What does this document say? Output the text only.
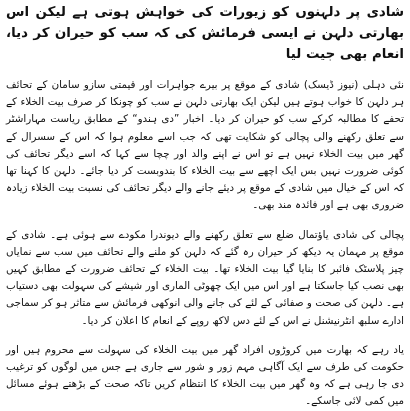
شادی پر دلہنوں کو زیورات کی خواہش ہوتی ہے لیکن اس بھارتی دلہن نے ایسی فرمائش کی کہ سب کو حیران کر دیا، انعام بھی جیت لیا

نئی دہلی (نیوز ڈیسک) شادی کے موقع پر بیرے جواہرات اور قیمتی سازو سامان کے تحائف ہر دلہن کا خواب ہوتے ہیں لیکن ایک بھارتی دلہن نے سب کو چونکا کر صرف بیت الخلاء کے تحفے کا مطالبہ کرکے سب کو حیران کر دیا۔ اخبار ”دی ہندو“ کے مطابق ریاست مہاراشٹر سے تعلق رکھنے والی پچالی کو شکایت تھی کہ جب اسے معلوم ہوا کہ اس کے سسرال کے گھر میں بیت الخلاء نہیں ہے تو اس نے اپنے والد اور چچا سے کہا کہ اسے دیگر تحائف کی کوئی ضرورت نہیں بس ایک اچھے سے بیت الخلاء کا بندوبست کر دیا جائے۔ دلہن کا کہنا تھا کہ اس کے خیال میں شادی کے موقع پر دیئے جانے والے دیگر تحائف کی نسبت بیت الخلاء زیادہ ضروری بھی ہے اور فائدہ مند بھی۔

پچالی کی شادی یاؤتمال ضلع سے تعلق رکھنے والے دیوندرا مکودے سے ہوئی ہے۔ شادی کے موقع پر مہمان یہ دیکھ کر حیران رہ گئے کہ دلہن کو ملنے والے تحائف میں سب سے نمایاں چیز پلاسٹک فائبر کا بنایا گیا بیت الخلاء تھا۔ بیت الخلاء کے تحائف ضرورت کے مطابق کہیں بھی نصب کیا جاسکتا ہے اور اس میں ایک چھوٹی الماری اور شیشے کی سہولت بھی دستیاب ہے۔ دلہن کی صحت و صفائی کے لئے کی جانے والی انوکھی فرمائش سے متاثر ہو کر سماجی ادارے سلبھ انٹرنیشنل نے اس کے لئے دس لاکھ روپے کے انعام کا اعلان کر دیا۔

یاد رہے کہ بھارت میں کروڑوں افراد گھر میں بیت الخلاء کی سہولت سے محروم ہیں اور حکومت کی طرف سے ایک آگاہی مہم زور و شور سے جاری ہے جس میں لوگوں کو ترغیب دی جا رہی ہے کہ وہ گھر میں بیت الخلاء کا انتظام کریں تاکہ صحت کے بڑھتے ہوئے مسائل میں کمی لائی جاسکے۔
